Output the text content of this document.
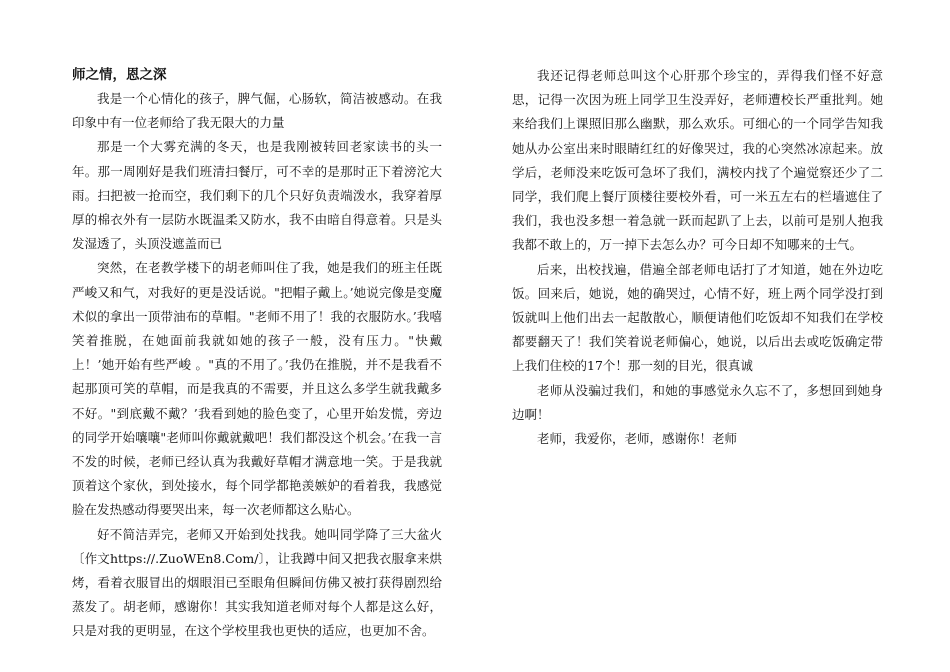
师之情，恩之深

我是一个心情化的孩子，脾气倔，心肠软，简洁被感动。在我印象中有一位老师给了我无限大的力量

那是一个大雾充满的冬天，也是我刚被转回老家读书的头一年。那一周刚好是我们班清扫餐厅，可不幸的是那时正下着滂沱大雨。扫把被一抢而空，我们剩下的几个只好负责端泼水，我穿着厚厚的棉衣外有一层防水既温柔又防水，我不由暗自得意着。只是头发湿透了，头顶没遮盖而已

突然，在老教学楼下的胡老师叫住了我，她是我们的班主任既严峻又和气，对我好的更是没话说。"把帽子戴上。’她说完像是变魔术似的拿出一顶带油布的草帽。"老师不用了！我的衣服防水。’我嘻笑着推脱，在她面前我就如她的孩子一般，没有压力。"快戴上！’她开始有些严峻 。"真的不用了。’我仍在推脱，并不是我看不起那顶可笑的草帽，而是我真的不需要，并且这么多学生就我戴多不好。"到底戴不戴？’我看到她的脸色变了，心里开始发慌，旁边的同学开始嚷嚷"老师叫你戴就戴吧！我们都没这个机会。’在我一言不发的时候，老师已经认真为我戴好草帽才满意地一笑。于是我就顶着这个家伙，到处接水，每个同学都艳羡嫉妒的看着我，我感觉脸在发热感动得要哭出来，每一次老师都这么贴心。

好不简洁弄完，老师又开始到处找我。她叫同学降了三大盆火〔作文https://.ZuoWEn8.Com/〕，让我蹲中间又把我衣服拿来烘烤，看着衣服冒出的烟眼泪已至眼角但瞬间仿佛又被打获得剧烈给蒸发了。胡老师，感谢你！其实我知道老师对每个人都是这么好，只是对我的更明显，在这个学校里我也更快的适应，也更加不舍。

我还记得老师总叫这个心肝那个珍宝的，弄得我们怪不好意思，记得一次因为班上同学卫生没弄好，老师遭校长严重批判。她来给我们上课照旧那么幽默，那么欢乐。可细心的一个同学告知我她从办公室出来时眼睛红红的好像哭过，我的心突然冰凉起来。放学后，老师没来吃饭可急坏了我们，满校内找了个遍觉察还少了二同学，我们爬上餐厅顶楼往要校外看，可一米五左右的栏墙遮住了我们，我也没多想一着急就一跃而起趴了上去，以前可是别人抱我我都不敢上的，万一掉下去怎么办？可今日却不知哪来的士气。

后来，出校找遍，借遍全部老师电话打了才知道，她在外边吃饭。回来后，她说，她的确哭过，心情不好，班上两个同学没打到饭就叫上他们出去一起散散心，顺便请他们吃饭却不知我们在学校都要翻天了！我们笑着说老师偏心，她说，以后出去或吃饭确定带上我们住校的17个！那一刻的目光，很真诚

老师从没骗过我们，和她的事感觉永久忘不了，多想回到她身边啊！

老师，我爱你，老师，感谢你！老师
